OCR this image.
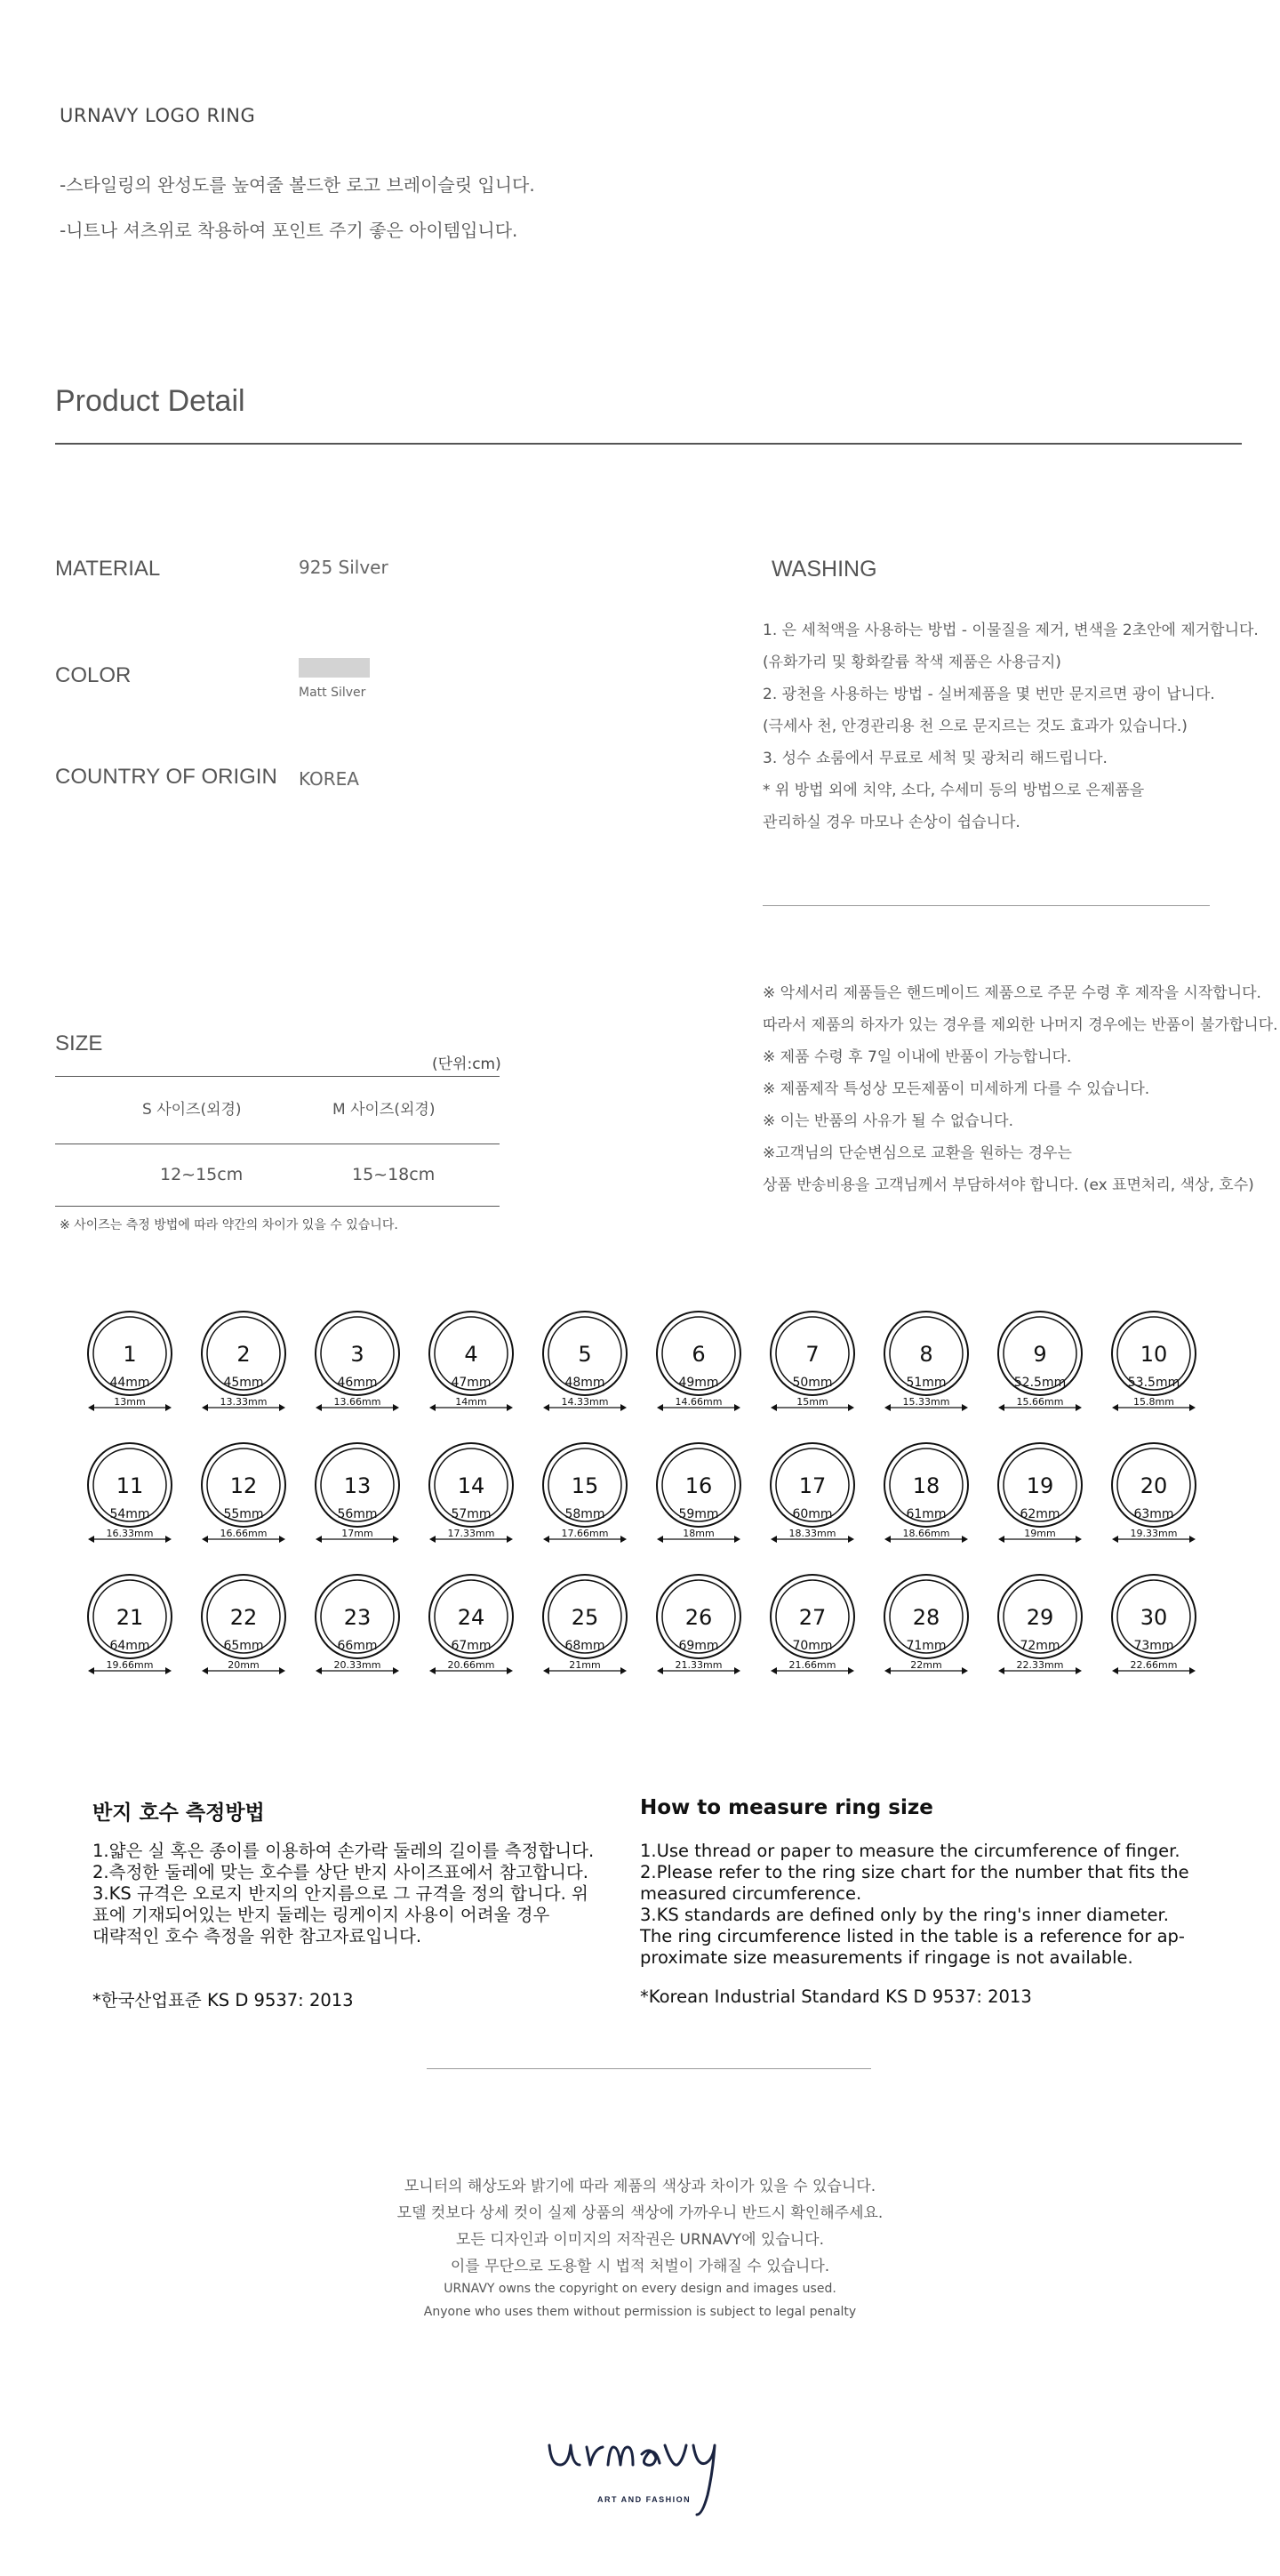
URNAVY LOGO RING
-스타일링의 완성도를 높여줄 볼드한 로고 브레이슬릿 입니다.
-니트나 셔츠위로 착용하여 포인트 주기 좋은 아이템입니다.
Product Detail
MATERIAL	925 Silver
COLOR
Matt Silver
COUNTRY OF ORIGIN KOREA
WASHING
1. 은 세척액을 사용하는 방법 - 이물질을 제거, 변색을 2초안에 제거합니다.
(유화가리 및 황화칼륨 착색 제품은 사용금지)
2. 광천을 사용하는 방법 - 실버제품을 몇 번만 문지르면 광이 납니다.
(극세사 천, 안경관리용 천 으로 문지르는 것도 효과가 있습니다.)
3. 성수 쇼룸에서 무료로 세척 및 광처리 해드립니다.
* 위 방법 외에 치약, 소다, 수세미 등의 방법으로 은제품을
관리하실 경우 마모나 손상이 쉽습니다.
※ 악세서리 제품들은 핸드메이드 제품으로 주문 수령 후 제작을 시작합니다.
따라서 제품의 하자가 있는 경우를 제외한 나머지 경우에는 반품이 불가합니다.
※ 제품 수령 후 7일 이내에 반품이 가능합니다.
※ 제품제작 특성상 모든제품이 미세하게 다를 수 있습니다.
※ 이는 반품의 사유가 될 수 없습니다.
※고객님의 단순변심으로 교환을 원하는 경우는
상품 반송비용을 고객님께서 부담하셔야 합니다. (ex 표면처리, 색상, 호수)
SIZE
(단위:cm)
S 사이즈(외경)	M 사이즈(외경)
12~15cm	15~18cm
※ 사이즈는 측정 방법에 따라 약간의 차이가 있을 수 있습니다.
1
44mm
13mm
2
45mm
13.33mm
3
46mm
13.66mm
4
47mm
14mm
5
48mm
14.33mm
6
49mm
14.66mm
7
50mm
15mm
8
51mm
15.33mm
9
52.5mm
15.66mm
10
53.5mm
15.8mm
11
54mm
16.33mm
12
55mm
16.66mm
13
56mm
17mm
14
57mm
17.33mm
15
58mm
17.66mm
16
59mm
18mm
17
60mm
18.33mm
18
61mm
18.66mm
19
62mm
19mm
20
63mm
19.33mm
21
64mm
19.66mm
22
65mm
20mm
23
66mm
20.33mm
24
67mm
20.66mm
25
68mm
21mm
26
69mm
21.33mm
27
70mm
21.66mm
28
71mm
22mm
29
72mm
22.33mm
30
73mm
22.66mm
반지 호수 측정방법
1.얇은 실 혹은 종이를 이용하여 손가락 둘레의 길이를 측정합니다.
2.측정한 둘레에 맞는 호수를 상단 반지 사이즈표에서 참고합니다.
3.KS 규격은 오로지 반지의 안지름으로 그 규격을 정의 합니다. 위
표에 기재되어있는 반지 둘레는 링게이지 사용이 어려울 경우
대략적인 호수 측정을 위한 참고자료입니다.
*한국산업표준 KS D 9537: 2013
How to measure ring size
1.Use thread or paper to measure the circumference of finger.
2.Please refer to the ring size chart for the number that fits the
measured circumference.
3.KS standards are defined only by the ring's inner diameter.
The ring circumference listed in the table is a reference for ap-
proximate size measurements if ringage is not available.
*Korean Industrial Standard KS D 9537: 2013
모니터의 해상도와 밝기에 따라 제품의 색상과 차이가 있을 수 있습니다.
모델 컷보다 상세 컷이 실제 상품의 색상에 가까우니 반드시 확인해주세요.
모든 디자인과 이미지의 저작권은 URNAVY에 있습니다.
이를 무단으로 도용할 시 법적 처벌이 가해질 수 있습니다.
URNAVY owns the copyright on every design and images used.
Anyone who uses them without permission is subject to legal penalty
ART AND FASHION
